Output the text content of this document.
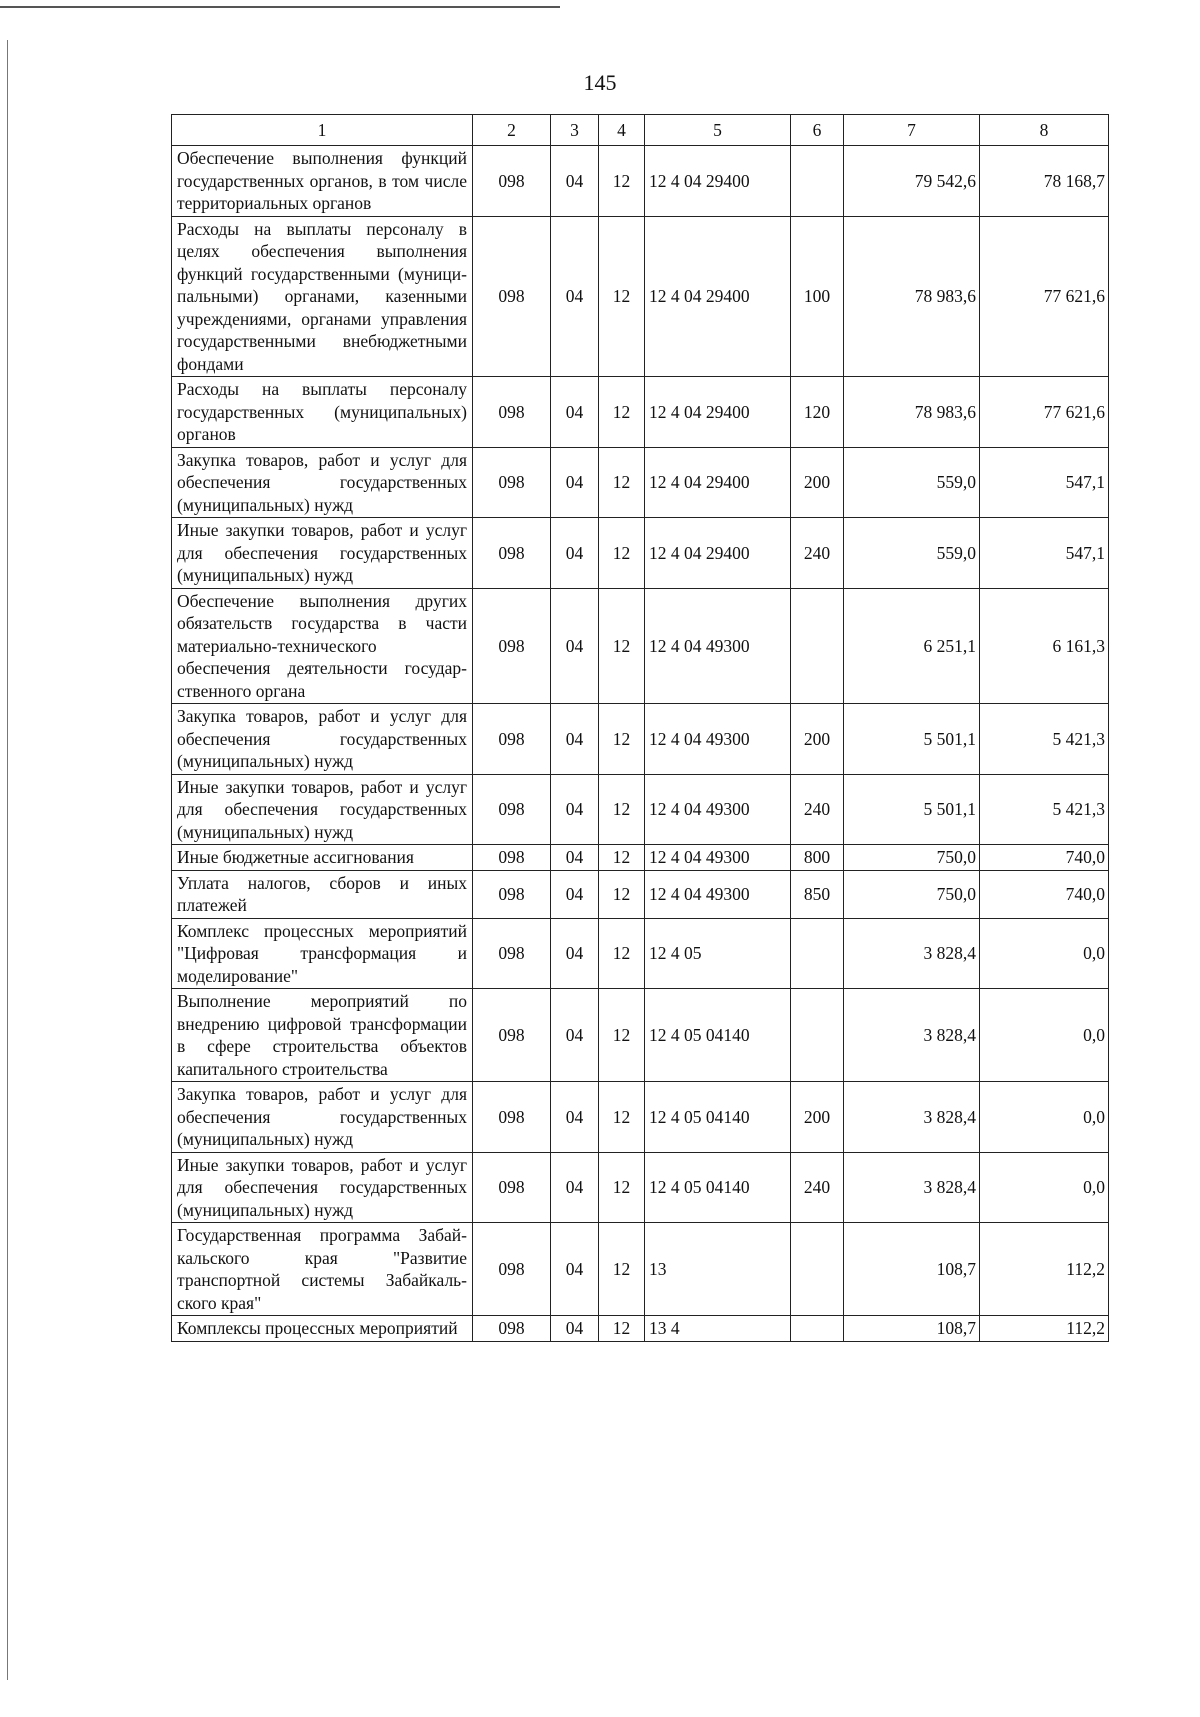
145
1	2	3	4	5	6	7	8
Обеспечение выполнения функций государственных органов, в том числе территориальных органов	098	04	12	12 4 04 29400		79 542,6	78 168,7
Расходы на выплаты персоналу в целях обеспечения выполнения функций государственными (муниципальными) органами, казенными учреждениями, органами управления государственными внебюджетными фондами	098	04	12	12 4 04 29400	100	78 983,6	77 621,6
Расходы на выплаты персоналу государственных (муниципальных) органов	098	04	12	12 4 04 29400	120	78 983,6	77 621,6
Закупка товаров, работ и услуг для обеспечения государственных (муниципальных) нужд	098	04	12	12 4 04 29400	200	559,0	547,1
Иные закупки товаров, работ и услуг для обеспечения государственных (муниципальных) нужд	098	04	12	12 4 04 29400	240	559,0	547,1
Обеспечение выполнения других обязательств государства в части материально-технического обеспечения деятельности государственного органа	098	04	12	12 4 04 49300		6 251,1	6 161,3
Закупка товаров, работ и услуг для обеспечения государственных (муниципальных) нужд	098	04	12	12 4 04 49300	200	5 501,1	5 421,3
Иные закупки товаров, работ и услуг для обеспечения государственных (муниципальных) нужд	098	04	12	12 4 04 49300	240	5 501,1	5 421,3
Иные бюджетные ассигнования	098	04	12	12 4 04 49300	800	750,0	740,0
Уплата налогов, сборов и иных платежей	098	04	12	12 4 04 49300	850	750,0	740,0
Комплекс процессных мероприятий "Цифровая трансформация и моделирование"	098	04	12	12 4 05		3 828,4	0,0
Выполнение мероприятий по внедрению цифровой трансформации в сфере строительства объектов капитального строительства	098	04	12	12 4 05 04140		3 828,4	0,0
Закупка товаров, работ и услуг для обеспечения государственных (муниципальных) нужд	098	04	12	12 4 05 04140	200	3 828,4	0,0
Иные закупки товаров, работ и услуг для обеспечения государственных (муниципальных) нужд	098	04	12	12 4 05 04140	240	3 828,4	0,0
Государственная программа Забайкальского края "Развитие транспортной системы Забайкальского края"	098	04	12	13		108,7	112,2
Комплексы процессных мероприятий	098	04	12	13 4		108,7	112,2
